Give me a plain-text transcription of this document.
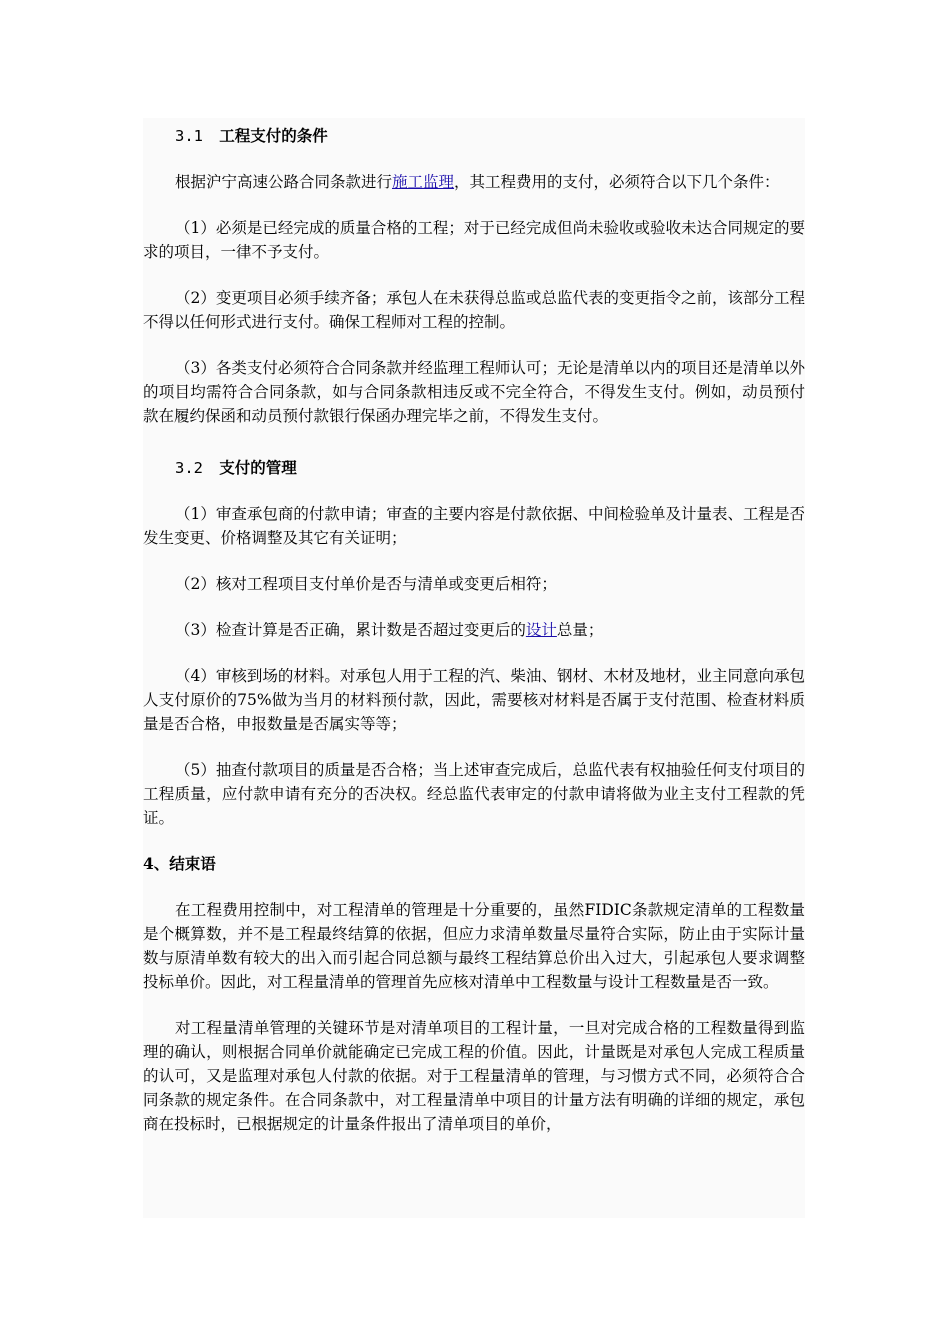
3.1 工程支付的条件

根据沪宁高速公路合同条款进行施工监理，其工程费用的支付，必须符合以下几个条件：

（1）必须是已经完成的质量合格的工程；对于已经完成但尚未验收或验收未达合同规定的要求的项目，一律不予支付。

（2）变更项目必须手续齐备；承包人在未获得总监或总监代表的变更指令之前，该部分工程不得以任何形式进行支付。确保工程师对工程的控制。

（3）各类支付必须符合合同条款并经监理工程师认可；无论是清单以内的项目还是清单以外的项目均需符合合同条款，如与合同条款相违反或不完全符合，不得发生支付。例如，动员预付款在履约保函和动员预付款银行保函办理完毕之前，不得发生支付。

3.2 支付的管理

（1）审查承包商的付款申请；审查的主要内容是付款依据、中间检验单及计量表、工程是否发生变更、价格调整及其它有关证明；

（2）核对工程项目支付单价是否与清单或变更后相符；

（3）检查计算是否正确，累计数是否超过变更后的设计总量；

（4）审核到场的材料。对承包人用于工程的汽、柴油、钢材、木材及地材，业主同意向承包人支付原价的75%做为当月的材料预付款，因此，需要核对材料是否属于支付范围、检查材料质量是否合格，申报数量是否属实等等；

（5）抽查付款项目的质量是否合格；当上述审查完成后，总监代表有权抽验任何支付项目的工程质量，应付款申请有充分的否决权。经总监代表审定的付款申请将做为业主支付工程款的凭证。

4、结束语

在工程费用控制中，对工程清单的管理是十分重要的，虽然FIDIC条款规定清单的工程数量是个概算数，并不是工程最终结算的依据，但应力求清单数量尽量符合实际，防止由于实际计量数与原清单数有较大的出入而引起合同总额与最终工程结算总价出入过大，引起承包人要求调整投标单价。因此，对工程量清单的管理首先应核对清单中工程数量与设计工程数量是否一致。

对工程量清单管理的关键环节是对清单项目的工程计量，一旦对完成合格的工程数量得到监理的确认，则根据合同单价就能确定已完成工程的价值。因此，计量既是对承包人完成工程质量的认可，又是监理对承包人付款的依据。对于工程量清单的管理，与习惯方式不同，必须符合合同条款的规定条件。在合同条款中，对工程量清单中项目的计量方法有明确的详细的规定，承包商在投标时，已根据规定的计量条件报出了清单项目的单价，
